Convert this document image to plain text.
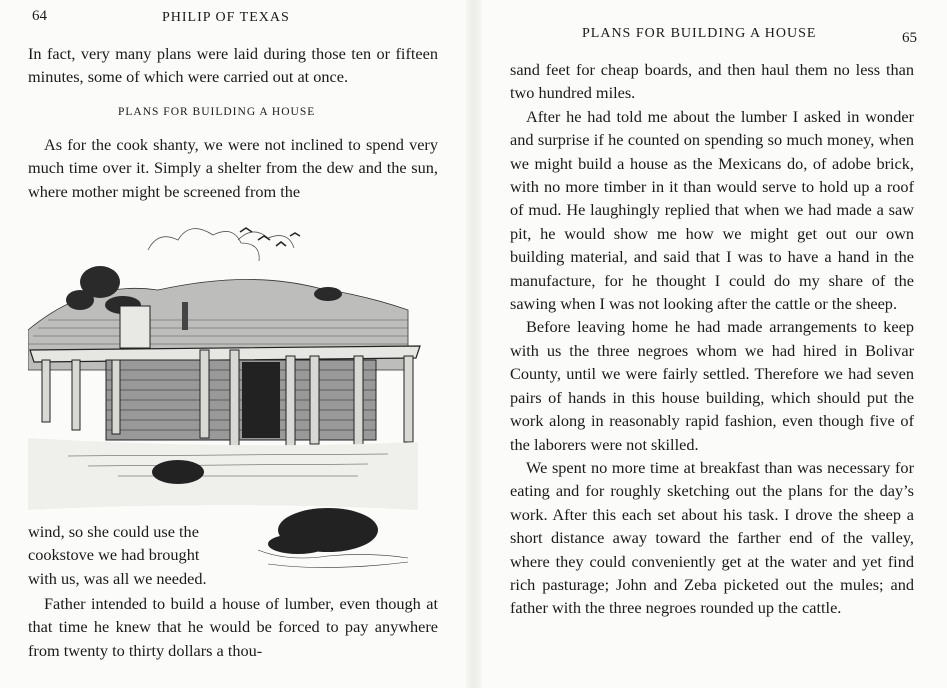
64	PHILIP OF TEXAS

In fact, very many plans were laid during those ten or fifteen minutes, some of which were carried out at once.

PLANS FOR BUILDING A HOUSE

As for the cook shanty, we were not inclined to spend very much time over it. Simply a shelter from the dew and the sun, where mother might be screened from the

wind, so she could use the cookstove we had brought with us, was all we needed.

Father intended to build a house of lumber, even though at that time he knew that he would be forced to pay anywhere from twenty to thirty dollars a thou-

PLANS FOR BUILDING A HOUSE	65

sand feet for cheap boards, and then haul them no less than two hundred miles.

After he had told me about the lumber I asked in wonder and surprise if he counted on spending so much money, when we might build a house as the Mexicans do, of adobe brick, with no more timber in it than would serve to hold up a roof of mud. He laughingly replied that when we had made a saw pit, he would show me how we might get out our own building material, and said that I was to have a hand in the manufacture, for he thought I could do my share of the sawing when I was not looking after the cattle or the sheep.

Before leaving home he had made arrangements to keep with us the three negroes whom we had hired in Bolivar County, until we were fairly settled. Therefore we had seven pairs of hands in this house building, which should put the work along in reasonably rapid fashion, even though five of the laborers were not skilled.

We spent no more time at breakfast than was necessary for eating and for roughly sketching out the plans for the day’s work. After this each set about his task. I drove the sheep a short distance away toward the farther end of the valley, where they could conveniently get at the water and yet find rich pasturage; John and Zeba picketed out the mules; and father with the three negroes rounded up the cattle.
